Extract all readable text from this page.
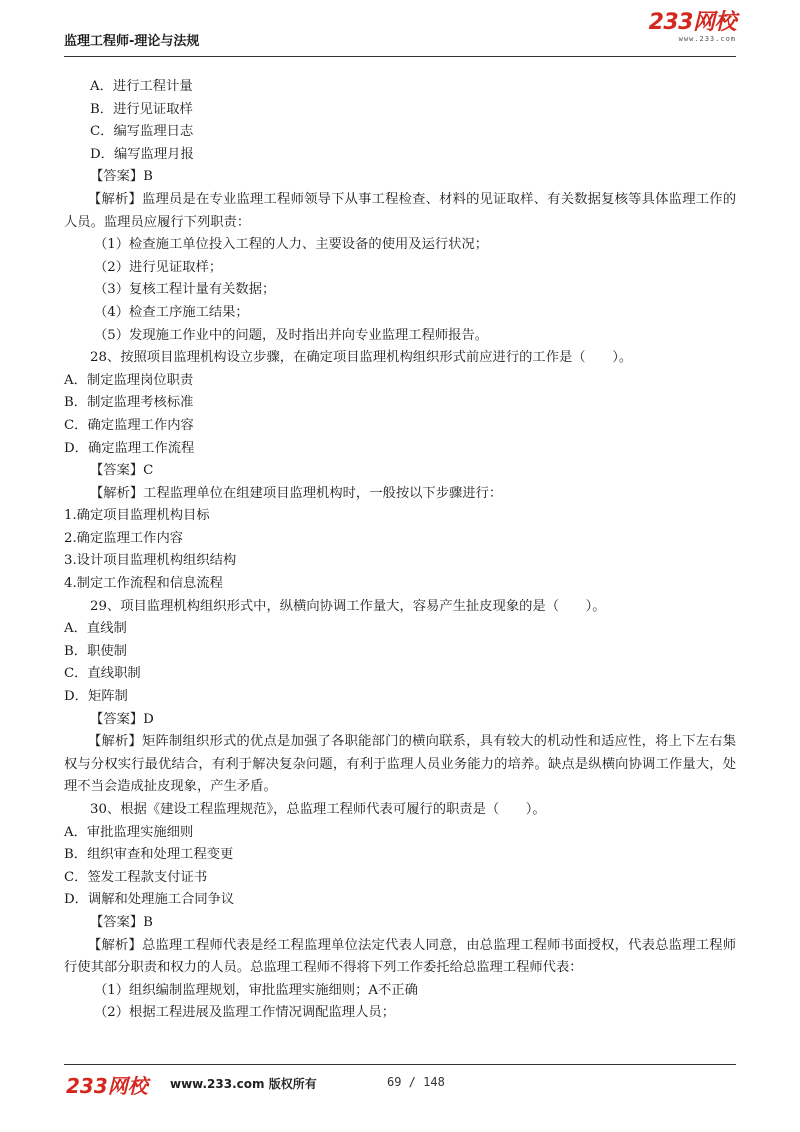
监理工程师-理论与法规
233网校
www.233.com
A．进行工程计量
B．进行见证取样
C．编写监理日志
D．编写监理月报
【答案】B
【解析】监理员是在专业监理工程师领导下从事工程检查、材料的见证取样、有关数据复核等具体监理工作的人员。监理员应履行下列职责：
（1）检查施工单位投入工程的人力、主要设备的使用及运行状况；
（2）进行见证取样；
（3）复核工程计量有关数据；
（4）检查工序施工结果；
（5）发现施工作业中的问题，及时指出并向专业监理工程师报告。
28、按照项目监理机构设立步骤，在确定项目监理机构组织形式前应进行的工作是（　　）。
A．制定监理岗位职责
B．制定监理考核标准
C．确定监理工作内容
D．确定监理工作流程
【答案】C
【解析】工程监理单位在组建项目监理机构时，一般按以下步骤进行：
1.确定项目监理机构目标
2.确定监理工作内容
3.设计项目监理机构组织结构
4.制定工作流程和信息流程
29、项目监理机构组织形式中，纵横向协调工作量大，容易产生扯皮现象的是（　　）。
A．直线制
B．职使制
C．直线职制
D．矩阵制
【答案】D
【解析】矩阵制组织形式的优点是加强了各职能部门的横向联系，具有较大的机动性和适应性，将上下左右集权与分权实行最优结合，有利于解决复杂问题，有利于监理人员业务能力的培养。缺点是纵横向协调工作量大，处理不当会造成扯皮现象，产生矛盾。
30、根据《建设工程监理规范》，总监理工程师代表可履行的职责是（　　）。
A．审批监理实施细则
B．组织审查和处理工程变更
C．签发工程款支付证书
D．调解和处理施工合同争议
【答案】B
【解析】总监理工程师代表是经工程监理单位法定代表人同意，由总监理工程师书面授权，代表总监理工程师行使其部分职责和权力的人员。总监理工程师不得将下列工作委托给总监理工程师代表：
（1）组织编制监理规划，审批监理实施细则；A不正确
（2）根据工程进展及监理工作情况调配监理人员；
233网校 www.233.com 版权所有	69 / 148
